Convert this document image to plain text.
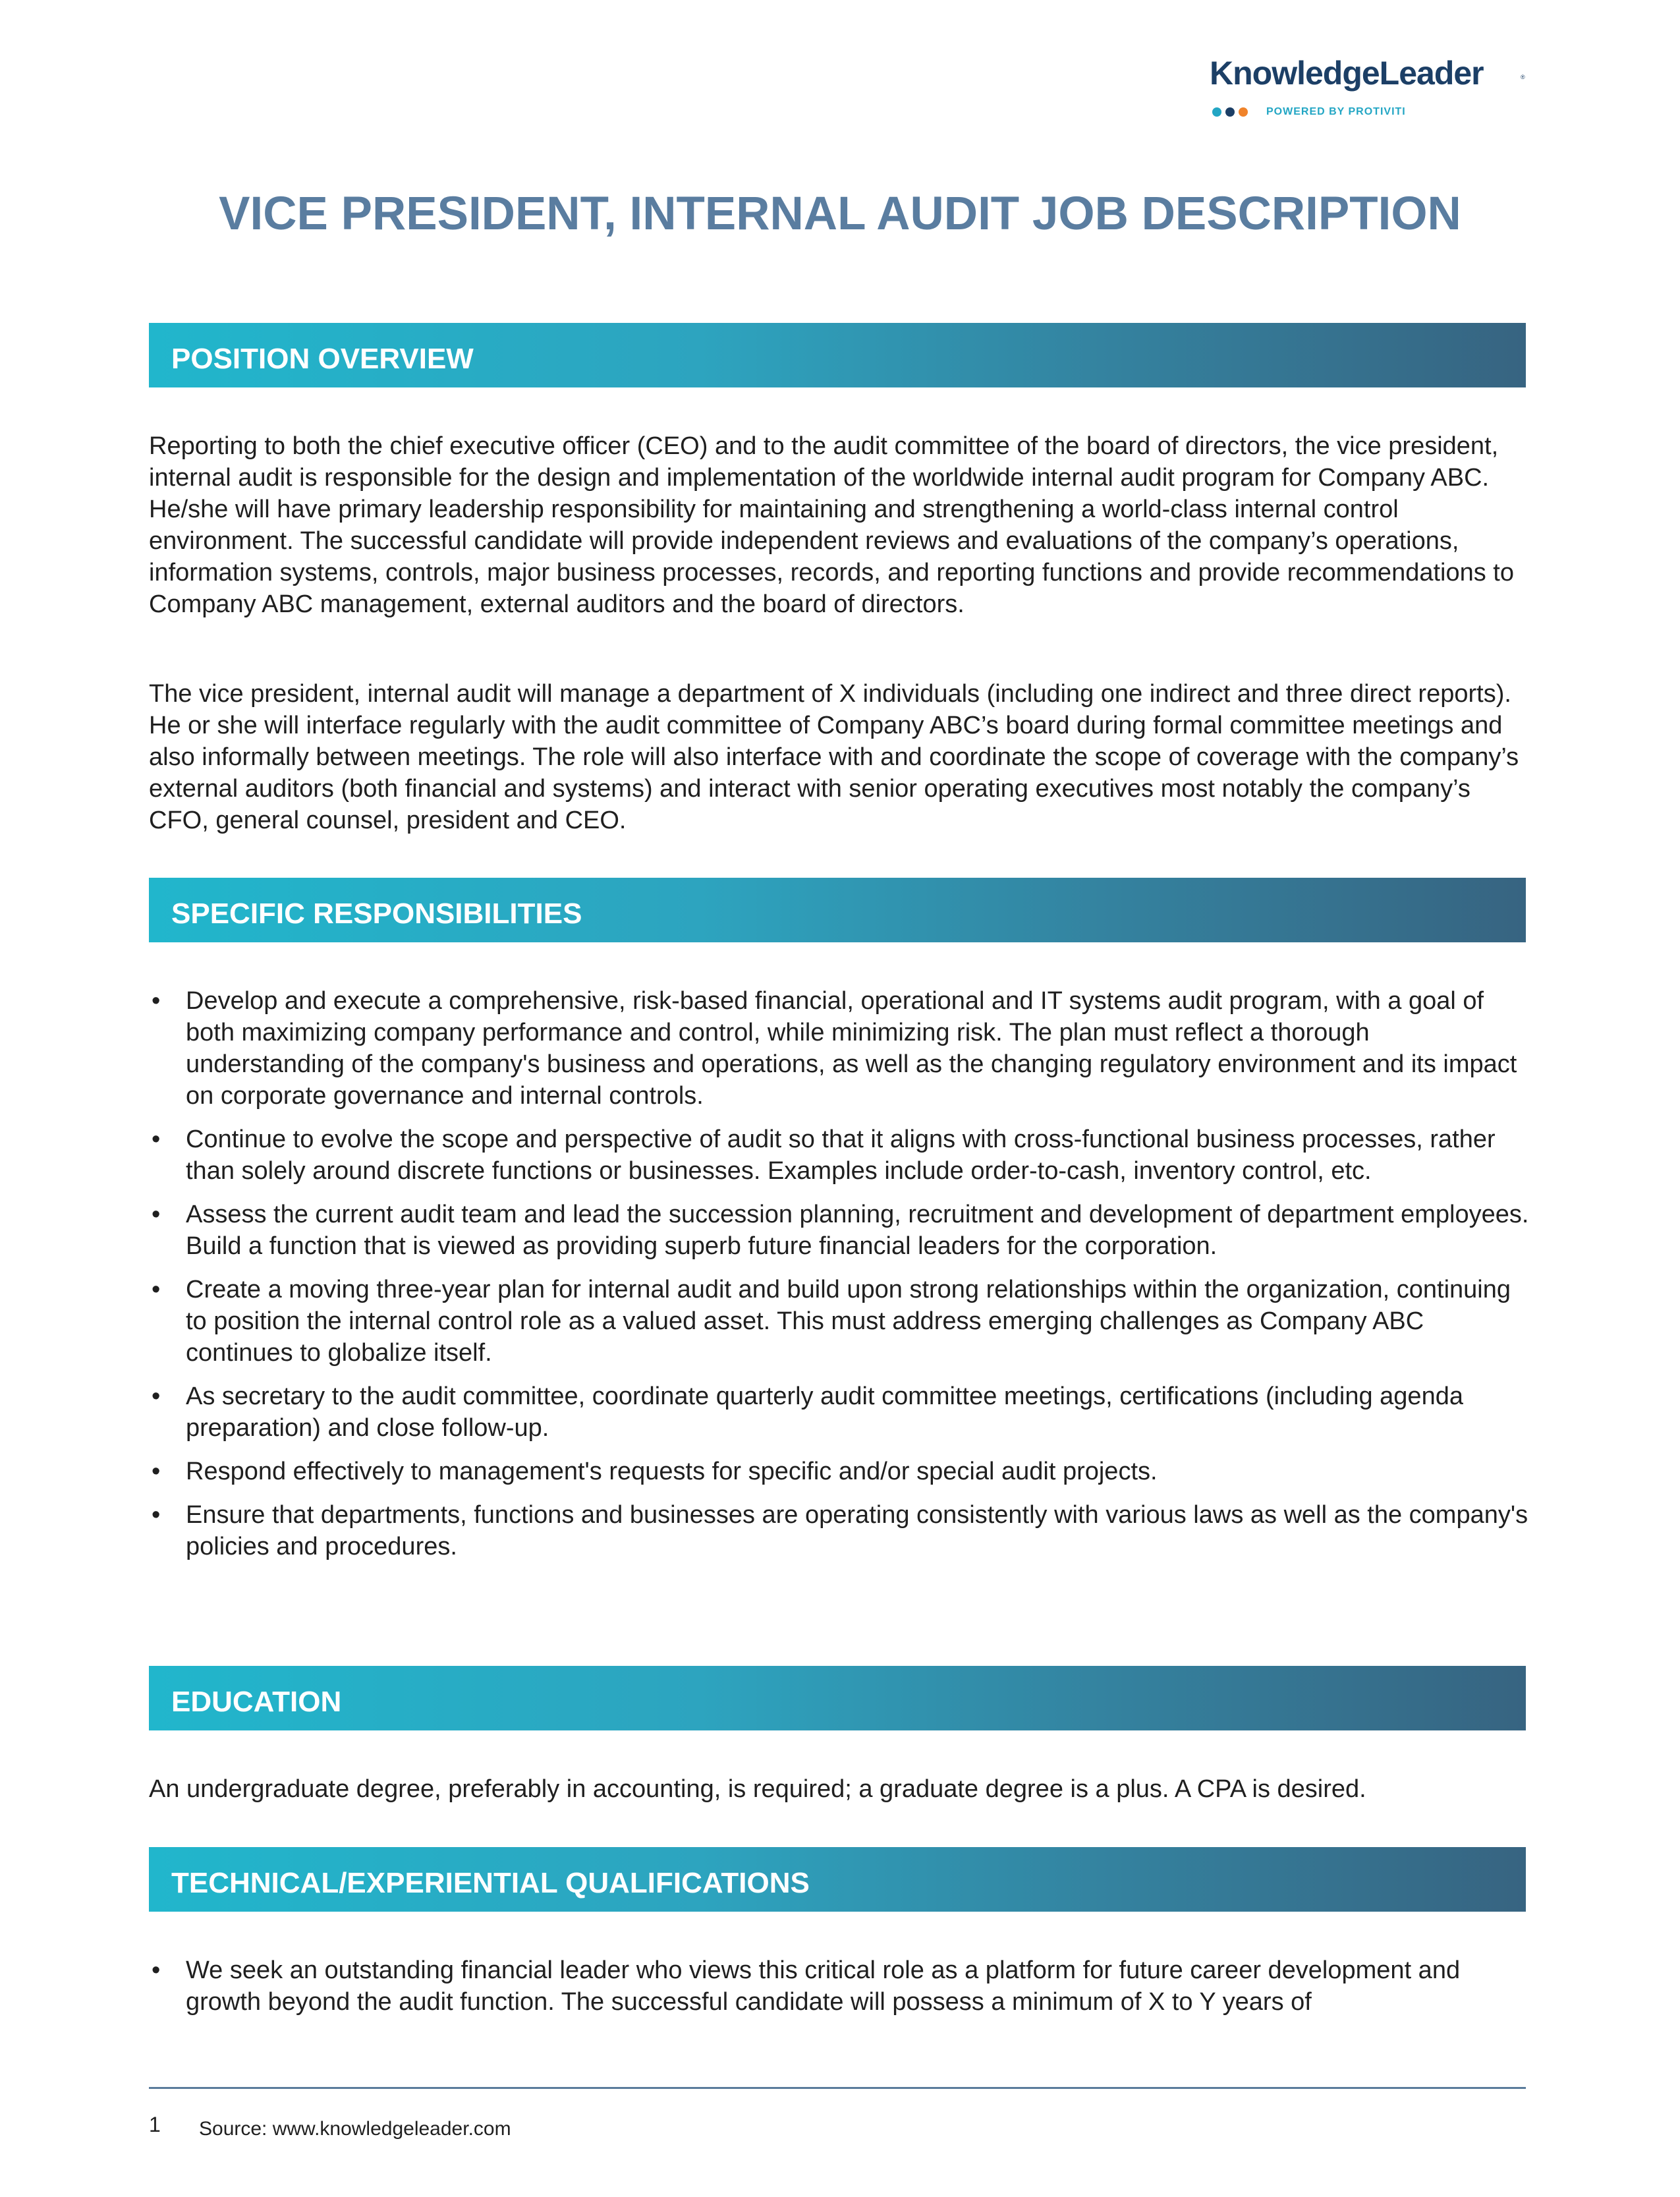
KnowledgeLeader	®
POWERED BY PROTIVITI
VICE PRESIDENT, INTERNAL AUDIT JOB DESCRIPTION
POSITION OVERVIEW

Reporting to both the chief executive officer (CEO) and to the audit committee of the board of directors, the vice president, internal audit is responsible for the design and implementation of the worldwide internal audit program for Company ABC. He/she will have primary leadership responsibility for maintaining and strengthening a world-class internal control environment. The successful candidate will provide independent reviews and evaluations of the company’s operations, information systems, controls, major business processes, records, and reporting functions and provide recommendations to Company ABC management, external auditors and the board of directors.

The vice president, internal audit will manage a department of X individuals (including one indirect and three direct reports). He or she will interface regularly with the audit committee of Company ABC’s board during formal committee meetings and also informally between meetings. The role will also interface with and coordinate the scope of coverage with the company’s external auditors (both financial and systems) and interact with senior operating executives most notably the company’s CFO, general counsel, president and CEO.

SPECIFIC RESPONSIBILITIES
• Develop and execute a comprehensive, risk-based financial, operational and IT systems audit program, with a goal of both maximizing company performance and control, while minimizing risk. The plan must reflect a thorough understanding of the company's business and operations, as well as the changing regulatory environment and its impact on corporate governance and internal controls.
• Continue to evolve the scope and perspective of audit so that it aligns with cross-functional business processes, rather than solely around discrete functions or businesses. Examples include order-to-cash, inventory control, etc.
• Assess the current audit team and lead the succession planning, recruitment and development of department employees. Build a function that is viewed as providing superb future financial leaders for the corporation.
• Create a moving three-year plan for internal audit and build upon strong relationships within the organization, continuing to position the internal control role as a valued asset. This must address emerging challenges as Company ABC continues to globalize itself.
• As secretary to the audit committee, coordinate quarterly audit committee meetings, certifications (including agenda preparation) and close follow-up.
• Respond effectively to management's requests for specific and/or special audit projects.
• Ensure that departments, functions and businesses are operating consistently with various laws as well as the company's policies and procedures.
EDUCATION

An undergraduate degree, preferably in accounting, is required; a graduate degree is a plus. A CPA is desired.

TECHNICAL/EXPERIENTIAL QUALIFICATIONS
• We seek an outstanding financial leader who views this critical role as a platform for future career development and growth beyond the audit function. The successful candidate will possess a minimum of X to Y years of
1 Source: www.knowledgeleader.com
